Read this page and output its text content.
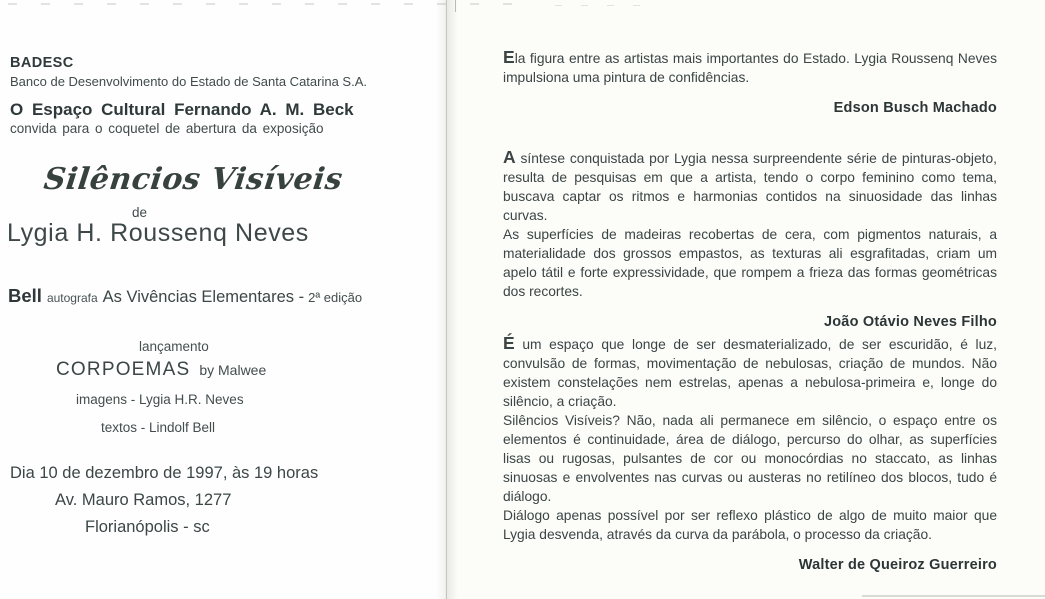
BADESC
Banco de Desenvolvimento do Estado de Santa Catarina S.A.
O Espaço Cultural Fernando A. M. Beck
convida para o coquetel de abertura da exposição
Silêncios Visíveis
de
Lygia H. Roussenq Neves
Bell autografa As Vivências Elementares - 2ª edição
lançamento
CORPOEMAS by Malwee
imagens - Lygia H.R. Neves
textos - Lindolf Bell
Dia 10 de dezembro de 1997, às 19 horas
Av. Mauro Ramos, 1277
Florianópolis - sc

Ela figura entre as artistas mais importantes do Estado. Lygia Roussenq Neves impulsiona uma pintura de confidências.

Edson Busch Machado

A síntese conquistada por Lygia nessa surpreendente série de pinturas-objeto, resulta de pesquisas em que a artista, tendo o corpo feminino como tema, buscava captar os ritmos e harmonias contidos na sinuosidade das linhas curvas.

As superfícies de madeiras recobertas de cera, com pigmentos naturais, a materialidade dos grossos empastos, as texturas ali esgrafitadas, criam um apelo tátil e forte expressividade, que rompem a frieza das formas geométricas dos recortes.

João Otávio Neves Filho

É um espaço que longe de ser desmaterializado, de ser escuridão, é luz, convulsão de formas, movimentação de nebulosas, criação de mundos. Não existem constelações nem estrelas, apenas a nebulosa-primeira e, longe do silêncio, a criação.

Silêncios Visíveis? Não, nada ali permanece em silêncio, o espaço entre os elementos é continuidade, área de diálogo, percurso do olhar, as superfícies lisas ou rugosas, pulsantes de cor ou monocórdias no staccato, as linhas sinuosas e envolventes nas curvas ou austeras no retilíneo dos blocos, tudo é diálogo.

Diálogo apenas possível por ser reflexo plástico de algo de muito maior que Lygia desvenda, através da curva da parábola, o processo da criação.

Walter de Queiroz Guerreiro
